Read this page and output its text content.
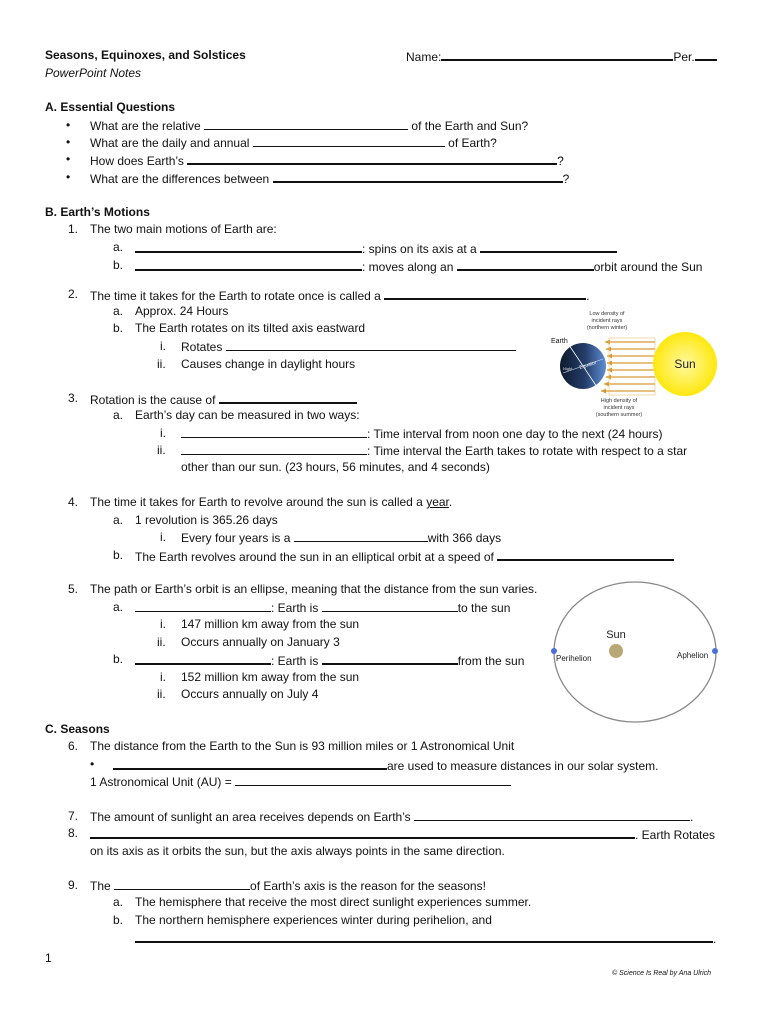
Seasons, Equinoxes, and Solstices
PowerPoint Notes
Name:	Per.
A. Essential Questions
• What are the relative	of the Earth and Sun?
• What are the daily and annual	of Earth?
• How does Earth’s	?
• What are the differences between	?
B. Earth’s Motions
1. The two main motions of Earth are:
a.	: spins on its axis at a
b.	: moves along an	orbit around the Sun
2. The time it takes for the Earth to rotate once is called a	.
a. Approx. 24 Hours
b. The Earth rotates on its tilted axis eastward
i. Rotates
ii. Causes change in daylight hours
3. Rotation is the cause of
a. Earth’s day can be measured in two ways:
i.	: Time interval from noon one day to the next (24 hours)
ii.	: Time interval the Earth takes to rotate with respect to a star
other than our sun. (23 hours, 56 minutes, and 4 seconds)
4. The time it takes for Earth to revolve around the sun is called a year.
a. 1 revolution is 365.26 days
i. Every four years is a	with 366 days
b. The Earth revolves around the sun in an elliptical orbit at a speed of
5. The path or Earth’s orbit is an ellipse, meaning that the distance from the sun varies.
a.	: Earth is	to the sun
i. 147 million km away from the sun
ii. Occurs annually on January 3
b.	: Earth is	from the sun
i. 152 million km away from the sun
ii. Occurs annually on July 4
C. Seasons
6. The distance from the Earth to the Sun is 93 million miles or 1 Astronomical Unit
•	are used to measure distances in our solar system.
1 Astronomical Unit (AU) =
7. The amount of sunlight an area receives depends on Earth’s	.
8.	. Earth Rotates
on its axis as it orbits the sun, but the axis always points in the same direction.
9. The	of Earth’s axis is the reason for the seasons!
a. The hemisphere that receive the most direct sunlight experiences summer.
b. The northern hemisphere experiences winter during perihelion, and
.
1
© Science Is Real by Ana Ulrich
Sun
Earth
Equator
Night
Low density of
incident rays
(northern winter)
High density of
incident rays
(southern summer)
Sun
Perihelion	Aphelion
